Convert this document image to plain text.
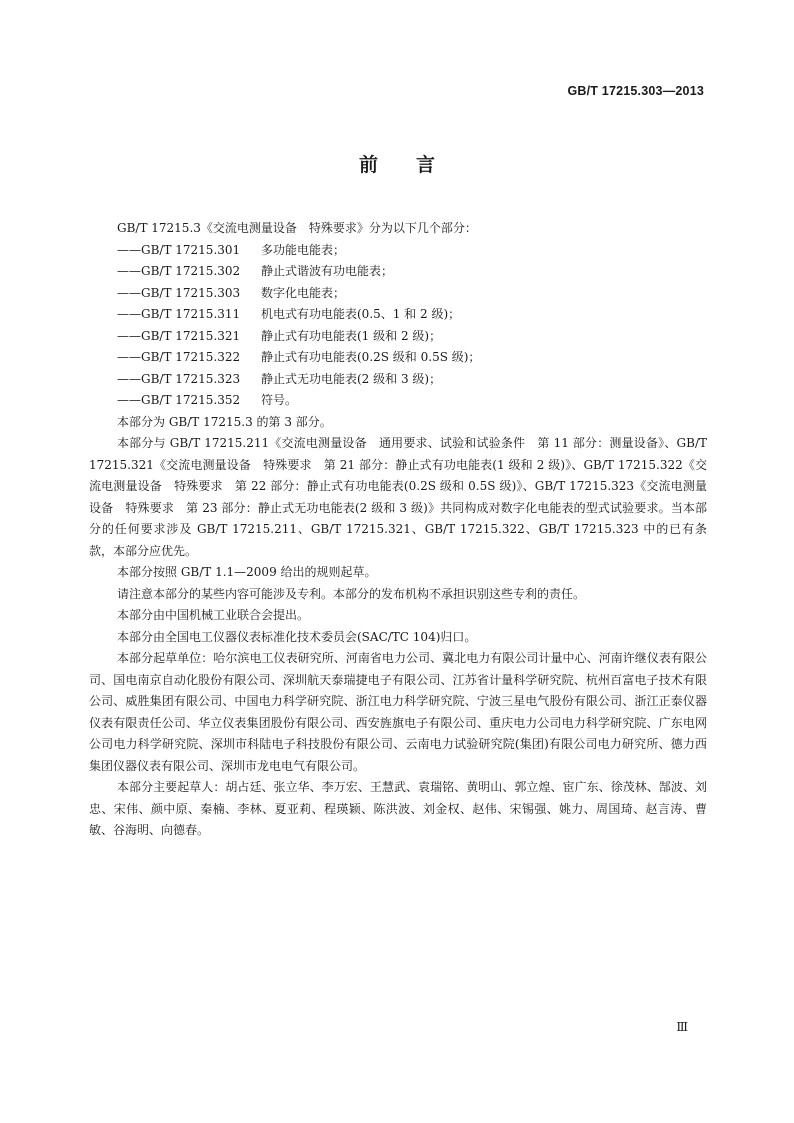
GB/T 17215.303—2013
前　　言

GB/T 17215.3《交流电测量设备　特殊要求》分为以下几个部分：

—— GB/T 17215.301	多功能电能表；
—— GB/T 17215.302	静止式谐波有功电能表；
—— GB/T 17215.303	数字化电能表；
—— GB/T 17215.311	机电式有功电能表(0.5、1 和 2 级)；
—— GB/T 17215.321	静止式有功电能表(1 级和 2 级)；
—— GB/T 17215.322	静止式有功电能表(0.2S 级和 0.5S 级)；
—— GB/T 17215.323	静止式无功电能表(2 级和 3 级)；
—— GB/T 17215.352	符号。

本部分为 GB/T 17215.3 的第 3 部分。

本部分与 GB/T 17215.211《交流电测量设备　通用要求、试验和试验条件　第 11 部分：测量设备》、GB/T 17215.321《交流电测量设备　特殊要求　第 21 部分：静止式有功电能表(1 级和 2 级)》、GB/T 17215.322《交流电测量设备　特殊要求　第 22 部分：静止式有功电能表(0.2S 级和 0.5S 级)》、GB/T 17215.323《交流电测量设备　特殊要求　第 23 部分：静止式无功电能表(2 级和 3 级)》共同构成对数字化电能表的型式试验要求。当本部分的任何要求涉及 GB/T 17215.211、GB/T 17215.321、GB/T 17215.322、GB/T 17215.323 中的已有条款，本部分应优先。

本部分按照 GB/T 1.1—2009 给出的规则起草。

请注意本部分的某些内容可能涉及专利。本部分的发布机构不承担识别这些专利的责任。

本部分由中国机械工业联合会提出。

本部分由全国电工仪器仪表标准化技术委员会(SAC/TC 104)归口。

本部分起草单位：哈尔滨电工仪表研究所、河南省电力公司、冀北电力有限公司计量中心、河南许继仪表有限公司、国电南京自动化股份有限公司、深圳航天泰瑞捷电子有限公司、江苏省计量科学研究院、杭州百富电子技术有限公司、威胜集团有限公司、中国电力科学研究院、浙江电力科学研究院、宁波三星电气股份有限公司、浙江正泰仪器仪表有限责任公司、华立仪表集团股份有限公司、西安旌旗电子有限公司、重庆电力公司电力科学研究院、广东电网公司电力科学研究院、深圳市科陆电子科技股份有限公司、云南电力试验研究院(集团)有限公司电力研究所、德力西集团仪器仪表有限公司、深圳市龙电电气有限公司。

本部分主要起草人：胡占廷、张立华、李万宏、王慧武、袁瑞铭、黄明山、郭立煌、宦广东、徐茂林、郜波、刘忠、宋伟、颜中原、秦楠、李林、夏亚莉、程瑛颖、陈洪波、刘金权、赵伟、宋锡强、姚力、周国琦、赵言涛、曹敏、谷海明、向德春。

Ⅲ
